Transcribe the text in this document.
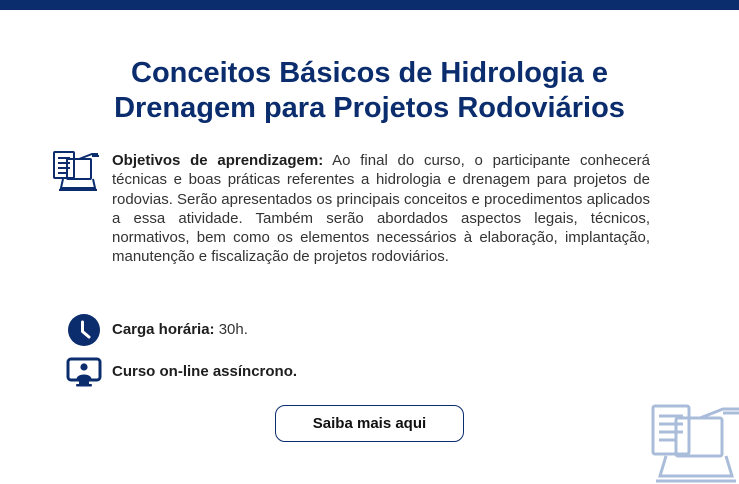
Conceitos Básicos de Hidrologia e
Drenagem para Projetos Rodoviários

Objetivos de aprendizagem: Ao final do curso, o participante conhecerá técnicas e boas práticas referentes a hidrologia e drenagem para projetos de rodovias. Serão apresentados os principais conceitos e procedimentos aplicados a essa atividade. Também serão abordados aspectos legais, técnicos, normativos, bem como os elementos necessários à elaboração, implantação, manutenção e fiscalização de projetos rodoviários.

Carga horária: 30h.

Curso on-line assíncrono.

Saiba mais aqui
